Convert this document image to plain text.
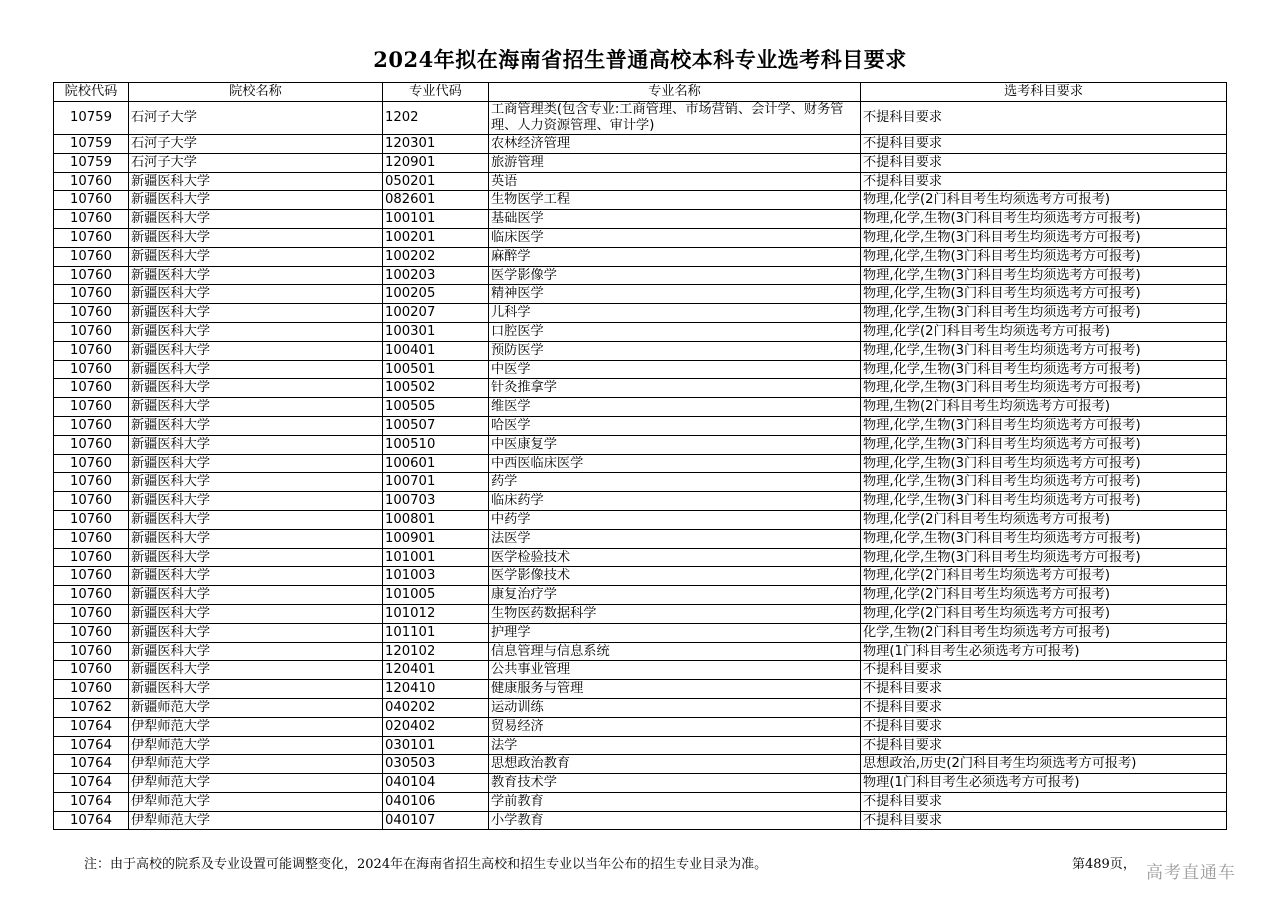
2024年拟在海南省招生普通高校本科专业选考科目要求
院校代码	院校名称	专业代码	专业名称	选考科目要求
10759	石河子大学	1202	工商管理类(包含专业:工商管理、市场营销、会计学、财务管理、人力资源管理、审计学)	不提科目要求
10759	石河子大学	120301	农林经济管理	不提科目要求
10759	石河子大学	120901	旅游管理	不提科目要求
10760	新疆医科大学	050201	英语	不提科目要求
10760	新疆医科大学	082601	生物医学工程	物理,化学(2门科目考生均须选考方可报考)
10760	新疆医科大学	100101	基础医学	物理,化学,生物(3门科目考生均须选考方可报考)
10760	新疆医科大学	100201	临床医学	物理,化学,生物(3门科目考生均须选考方可报考)
10760	新疆医科大学	100202	麻醉学	物理,化学,生物(3门科目考生均须选考方可报考)
10760	新疆医科大学	100203	医学影像学	物理,化学,生物(3门科目考生均须选考方可报考)
10760	新疆医科大学	100205	精神医学	物理,化学,生物(3门科目考生均须选考方可报考)
10760	新疆医科大学	100207	儿科学	物理,化学,生物(3门科目考生均须选考方可报考)
10760	新疆医科大学	100301	口腔医学	物理,化学(2门科目考生均须选考方可报考)
10760	新疆医科大学	100401	预防医学	物理,化学,生物(3门科目考生均须选考方可报考)
10760	新疆医科大学	100501	中医学	物理,化学,生物(3门科目考生均须选考方可报考)
10760	新疆医科大学	100502	针灸推拿学	物理,化学,生物(3门科目考生均须选考方可报考)
10760	新疆医科大学	100505	维医学	物理,生物(2门科目考生均须选考方可报考)
10760	新疆医科大学	100507	哈医学	物理,化学,生物(3门科目考生均须选考方可报考)
10760	新疆医科大学	100510	中医康复学	物理,化学,生物(3门科目考生均须选考方可报考)
10760	新疆医科大学	100601	中西医临床医学	物理,化学,生物(3门科目考生均须选考方可报考)
10760	新疆医科大学	100701	药学	物理,化学,生物(3门科目考生均须选考方可报考)
10760	新疆医科大学	100703	临床药学	物理,化学,生物(3门科目考生均须选考方可报考)
10760	新疆医科大学	100801	中药学	物理,化学(2门科目考生均须选考方可报考)
10760	新疆医科大学	100901	法医学	物理,化学,生物(3门科目考生均须选考方可报考)
10760	新疆医科大学	101001	医学检验技术	物理,化学,生物(3门科目考生均须选考方可报考)
10760	新疆医科大学	101003	医学影像技术	物理,化学(2门科目考生均须选考方可报考)
10760	新疆医科大学	101005	康复治疗学	物理,化学(2门科目考生均须选考方可报考)
10760	新疆医科大学	101012	生物医药数据科学	物理,化学(2门科目考生均须选考方可报考)
10760	新疆医科大学	101101	护理学	化学,生物(2门科目考生均须选考方可报考)
10760	新疆医科大学	120102	信息管理与信息系统	物理(1门科目考生必须选考方可报考)
10760	新疆医科大学	120401	公共事业管理	不提科目要求
10760	新疆医科大学	120410	健康服务与管理	不提科目要求
10762	新疆师范大学	040202	运动训练	不提科目要求
10764	伊犁师范大学	020402	贸易经济	不提科目要求
10764	伊犁师范大学	030101	法学	不提科目要求
10764	伊犁师范大学	030503	思想政治教育	思想政治,历史(2门科目考生均须选考方可报考)
10764	伊犁师范大学	040104	教育技术学	物理(1门科目考生必须选考方可报考)
10764	伊犁师范大学	040106	学前教育	不提科目要求
10764	伊犁师范大学	040107	小学教育	不提科目要求
注：由于高校的院系及专业设置可能调整变化，2024年在海南省招生高校和招生专业以当年公布的招生专业目录为准。	第489页， 高考直通车
